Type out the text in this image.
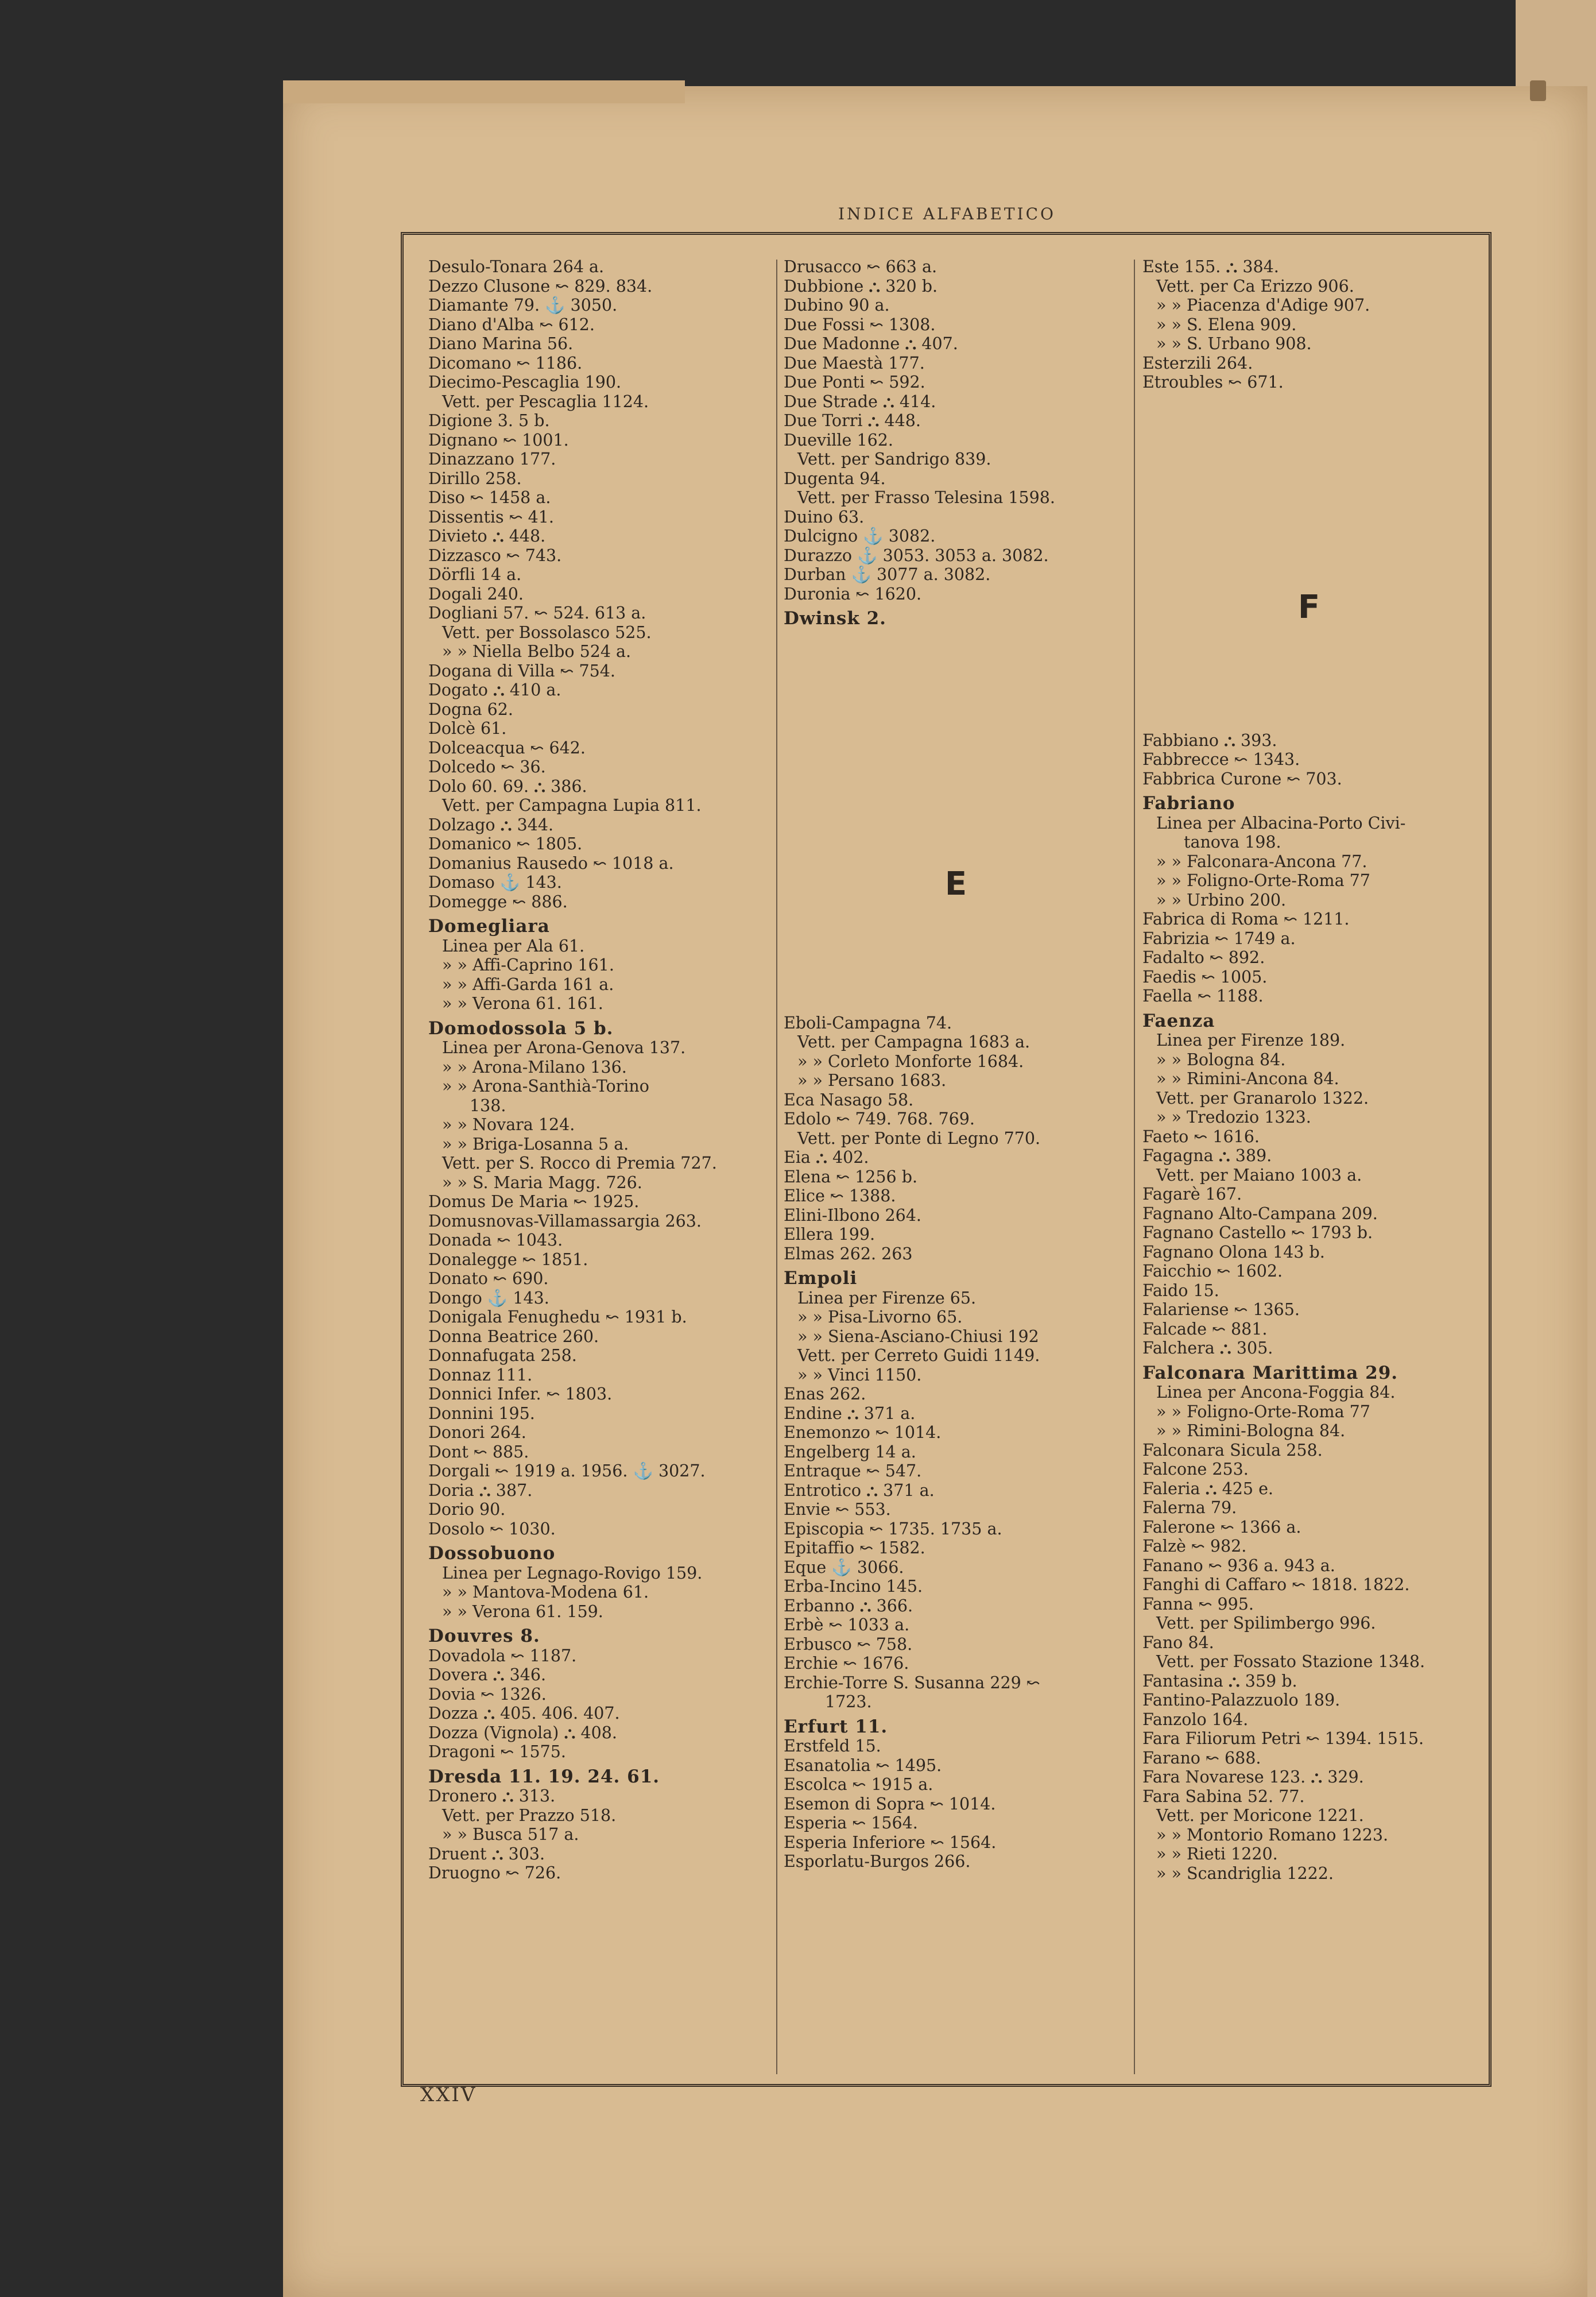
INDICE ALFABETICO
Desulo-Tonara 264 a.
Dezzo Clusone ↜ 829. 834.
Diamante 79. ⚓ 3050.
Diano d'Alba ↜ 612.
Diano Marina 56.
Dicomano ↜ 1186.
Diecimo-Pescaglia 190.
Vett. per Pescaglia 1124.
Digione 3. 5 b.
Dignano ↜ 1001.
Dinazzano 177.
Dirillo 258.
Diso ↜ 1458 a.
Dissentis ↜ 41.
Divieto ⛬ 448.
Dizzasco ↜ 743.
Dörfli 14 a.
Dogali 240.
Dogliani 57. ↜ 524. 613 a.
Vett. per Bossolasco 525.
» » Niella Belbo 524 a.
Dogana di Villa ↜ 754.
Dogato ⛬ 410 a.
Dogna 62.
Dolcè 61.
Dolceacqua ↜ 642.
Dolcedo ↜ 36.
Dolo 60. 69. ⛬ 386.
Vett. per Campagna Lupia 811.
Dolzago ⛬ 344.
Domanico ↜ 1805.
Domanius Rausedo ↜ 1018 a.
Domaso ⚓ 143.
Domegge ↜ 886.
Domegliara
Linea per Ala 61.
» » Affi-Caprino 161.
» » Affi-Garda 161 a.
» » Verona 61. 161.
Domodossola 5 b.
Linea per Arona-Genova 137.
» » Arona-Milano 136.
» » Arona-Santhià-Torino
138.
» » Novara 124.
» » Briga-Losanna 5 a.
Vett. per S. Rocco di Premia 727.
» » S. Maria Magg. 726.
Domus De Maria ↜ 1925.
Domusnovas-Villamassargia 263.
Donada ↜ 1043.
Donalegge ↜ 1851.
Donato ↜ 690.
Dongo ⚓ 143.
Donigala Fenughedu ↜ 1931 b.
Donna Beatrice 260.
Donnafugata 258.
Donnaz 111.
Donnici Infer. ↜ 1803.
Donnini 195.
Donori 264.
Dont ↜ 885.
Dorgali ↜ 1919 a. 1956. ⚓ 3027.
Doria ⛬ 387.
Dorio 90.
Dosolo ↜ 1030.
Dossobuono
Linea per Legnago-Rovigo 159.
» » Mantova-Modena 61.
» » Verona 61. 159.
Douvres 8.
Dovadola ↜ 1187.
Dovera ⛬ 346.
Dovia ↜ 1326.
Dozza ⛬ 405. 406. 407.
Dozza (Vignola) ⛬ 408.
Dragoni ↜ 1575.
Dresda 11. 19. 24. 61.
Dronero ⛬ 313.
Vett. per Prazzo 518.
» » Busca 517 a.
Druent ⛬ 303.
Druogno ↜ 726.
Drusacco ↜ 663 a.
Dubbione ⛬ 320 b.
Dubino 90 a.
Due Fossi ↜ 1308.
Due Madonne ⛬ 407.
Due Maestà 177.
Due Ponti ↜ 592.
Due Strade ⛬ 414.
Due Torri ⛬ 448.
Dueville 162.
Vett. per Sandrigo 839.
Dugenta 94.
Vett. per Frasso Telesina 1598.
Duino 63.
Dulcigno ⚓ 3082.
Durazzo ⚓ 3053. 3053 a. 3082.
Durban ⚓ 3077 a. 3082.
Duronia ↜ 1620.
Dwinsk 2.
E
Eboli-Campagna 74.
Vett. per Campagna 1683 a.
» » Corleto Monforte 1684.
» » Persano 1683.
Eca Nasago 58.
Edolo ↜ 749. 768. 769.
Vett. per Ponte di Legno 770.
Eia ⛬ 402.
Elena ↜ 1256 b.
Elice ↜ 1388.
Elini-Ilbono 264.
Ellera 199.
Elmas 262. 263
Empoli
Linea per Firenze 65.
» » Pisa-Livorno 65.
» » Siena-Asciano-Chiusi 192
Vett. per Cerreto Guidi 1149.
» » Vinci 1150.
Enas 262.
Endine ⛬ 371 a.
Enemonzo ↜ 1014.
Engelberg 14 a.
Entraque ↜ 547.
Entrotico ⛬ 371 a.
Envie ↜ 553.
Episcopia ↜ 1735. 1735 a.
Epitaffio ↜ 1582.
Eque ⚓ 3066.
Erba-Incino 145.
Erbanno ⛬ 366.
Erbè ↜ 1033 a.
Erbusco ↜ 758.
Erchie ↜ 1676.
Erchie-Torre S. Susanna 229 ↜
1723.
Erfurt 11.
Erstfeld 15.
Esanatolia ↜ 1495.
Escolca ↜ 1915 a.
Esemon di Sopra ↜ 1014.
Esperia ↜ 1564.
Esperia Inferiore ↜ 1564.
Esporlatu-Burgos 266.
Este 155. ⛬ 384.
Vett. per Ca Erizzo 906.
» » Piacenza d'Adige 907.
» » S. Elena 909.
» » S. Urbano 908.
Esterzili 264.
Etroubles ↜ 671.
F
Fabbiano ⛬ 393.
Fabbrecce ↜ 1343.
Fabbrica Curone ↜ 703.
Fabriano
Linea per Albacina-Porto Civi-
tanova 198.
» » Falconara-Ancona 77.
» » Foligno-Orte-Roma 77
» » Urbino 200.
Fabrica di Roma ↜ 1211.
Fabrizia ↜ 1749 a.
Fadalto ↜ 892.
Faedis ↜ 1005.
Faella ↜ 1188.
Faenza
Linea per Firenze 189.
» » Bologna 84.
» » Rimini-Ancona 84.
Vett. per Granarolo 1322.
» » Tredozio 1323.
Faeto ↜ 1616.
Fagagna ⛬ 389.
Vett. per Maiano 1003 a.
Fagarè 167.
Fagnano Alto-Campana 209.
Fagnano Castello ↜ 1793 b.
Fagnano Olona 143 b.
Faicchio ↜ 1602.
Faido 15.
Falariense ↜ 1365.
Falcade ↜ 881.
Falchera ⛬ 305.
Falconara Marittima 29.
Linea per Ancona-Foggia 84.
» » Foligno-Orte-Roma 77
» » Rimini-Bologna 84.
Falconara Sicula 258.
Falcone 253.
Faleria ⛬ 425 e.
Falerna 79.
Falerone ↜ 1366 a.
Falzè ↜ 982.
Fanano ↜ 936 a. 943 a.
Fanghi di Caffaro ↜ 1818. 1822.
Fanna ↜ 995.
Vett. per Spilimbergo 996.
Fano 84.
Vett. per Fossato Stazione 1348.
Fantasina ⛬ 359 b.
Fantino-Palazzuolo 189.
Fanzolo 164.
Fara Filiorum Petri ↜ 1394. 1515.
Farano ↜ 688.
Fara Novarese 123. ⛬ 329.
Fara Sabina 52. 77.
Vett. per Moricone 1221.
» » Montorio Romano 1223.
» » Rieti 1220.
» » Scandriglia 1222.
XXIV
